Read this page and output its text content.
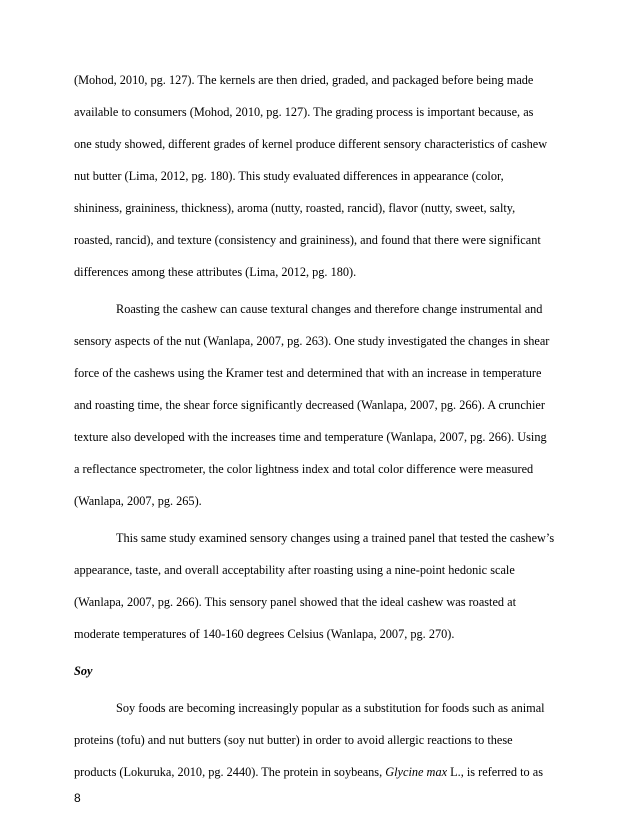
(Mohod, 2010, pg. 127). The kernels are then dried, graded, and packaged before being made
available to consumers (Mohod, 2010, pg. 127). The grading process is important because, as
one study showed, different grades of kernel produce different sensory characteristics of cashew
nut butter (Lima, 2012, pg. 180). This study evaluated differences in appearance (color,
shininess, graininess, thickness), aroma (nutty, roasted, rancid), flavor (nutty, sweet, salty,
roasted, rancid), and texture (consistency and graininess), and found that there were significant
differences among these attributes (Lima, 2012, pg. 180).
Roasting the cashew can cause textural changes and therefore change instrumental and
sensory aspects of the nut (Wanlapa, 2007, pg. 263). One study investigated the changes in shear
force of the cashews using the Kramer test and determined that with an increase in temperature
and roasting time, the shear force significantly decreased (Wanlapa, 2007, pg. 266). A crunchier
texture also developed with the increases time and temperature (Wanlapa, 2007, pg. 266). Using
a reflectance spectrometer, the color lightness index and total color difference were measured
(Wanlapa, 2007, pg. 265).
This same study examined sensory changes using a trained panel that tested the cashew’s
appearance, taste, and overall acceptability after roasting using a nine-point hedonic scale
(Wanlapa, 2007, pg. 266). This sensory panel showed that the ideal cashew was roasted at
moderate temperatures of 140-160 degrees Celsius (Wanlapa, 2007, pg. 270).
Soy
Soy foods are becoming increasingly popular as a substitution for foods such as animal
proteins (tofu) and nut butters (soy nut butter) in order to avoid allergic reactions to these
products (Lokuruka, 2010, pg. 2440). The protein in soybeans, Glycine max L., is referred to as
8
